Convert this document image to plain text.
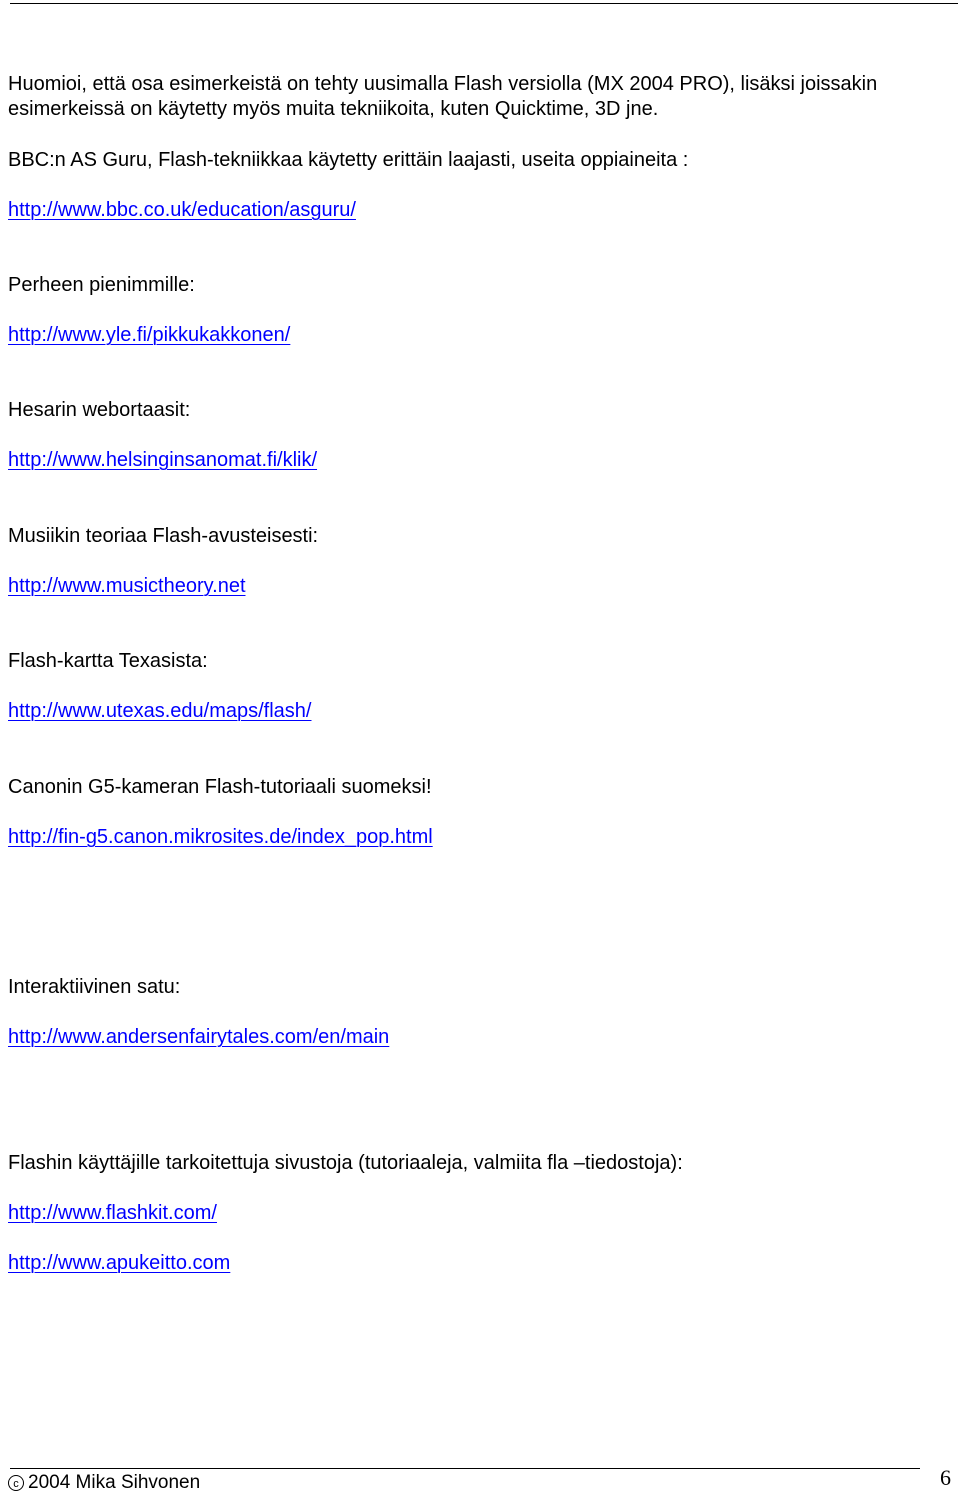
Huomioi, että osa esimerkeistä on tehty uusimalla Flash versiolla (MX 2004 PRO), lisäksi joissakin
esimerkeissä on käytetty myös muita tekniikoita, kuten Quicktime, 3D jne.
BBC:n AS Guru, Flash-tekniikkaa käytetty erittäin laajasti, useita oppiaineita :
http://www.bbc.co.uk/education/asguru/
Perheen pienimmille:
http://www.yle.fi/pikkukakkonen/
Hesarin webortaasit:
http://www.helsinginsanomat.fi/klik/
Musiikin teoriaa Flash-avusteisesti:
http://www.musictheory.net
Flash-kartta Texasista:
http://www.utexas.edu/maps/flash/
Canonin G5-kameran Flash-tutoriaali suomeksi!
http://fin-g5.canon.mikrosites.de/index_pop.html
Interaktiivinen satu:
http://www.andersenfairytales.com/en/main
Flashin käyttäjille tarkoitettuja sivustoja (tutoriaaleja, valmiita fla –tiedostoja):
http://www.flashkit.com/
http://www.apukeitto.com
c 2004 Mika Sihvonen	6
